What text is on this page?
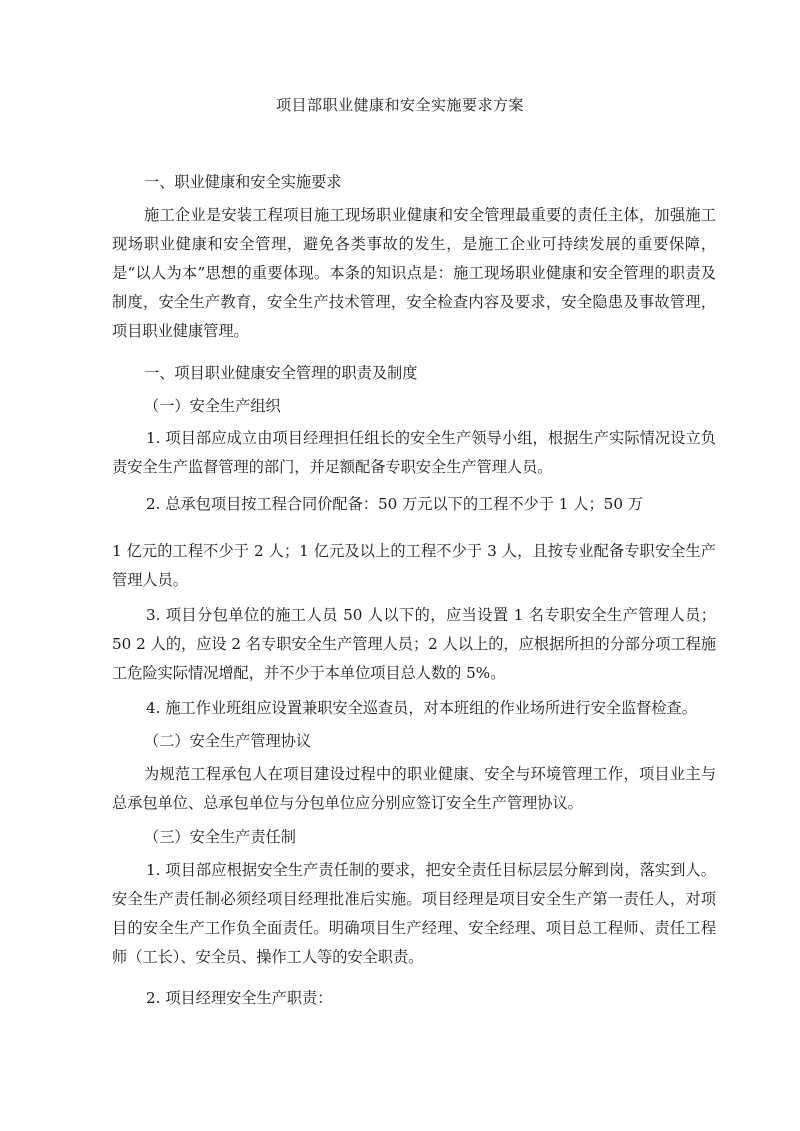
项目部职业健康和安全实施要求方案

一、职业健康和安全实施要求

施工企业是安装工程项目施工现场职业健康和安全管理最重要的责任主体，加强施工现场职业健康和安全管理，避免各类事故的发生，是施工企业可持续发展的重要保障，是“以人为本”思想的重要体现。本条的知识点是：施工现场职业健康和安全管理的职责及制度，安全生产教育，安全生产技术管理，安全检查内容及要求，安全隐患及事故管理，项目职业健康管理。

一、项目职业健康安全管理的职责及制度

（一）安全生产组织

1. 项目部应成立由项目经理担任组长的安全生产领导小组，根据生产实际情况设立负责安全生产监督管理的部门，并足额配备专职安全生产管理人员。

2. 总承包项目按工程合同价配备：50 万元以下的工程不少于 1 人；50 万

1 亿元的工程不少于 2 人；1 亿元及以上的工程不少于 3 人，且按专业配备专职安全生产管理人员。

3. 项目分包单位的施工人员 50 人以下的，应当设置 1 名专职安全生产管理人员；50 2 人的，应设 2 名专职安全生产管理人员；2 人以上的，应根据所担的分部分项工程施工危险实际情况增配，并不少于本单位项目总人数的 5%。

4. 施工作业班组应设置兼职安全巡查员，对本班组的作业场所进行安全监督检查。

（二）安全生产管理协议

为规范工程承包人在项目建设过程中的职业健康、安全与环境管理工作，项目业主与总承包单位、总承包单位与分包单位应分别应签订安全生产管理协议。

（三）安全生产责任制

1. 项目部应根据安全生产责任制的要求，把安全责任目标层层分解到岗，落实到人。安全生产责任制必须经项目经理批准后实施。项目经理是项目安全生产第一责任人，对项目的安全生产工作负全面责任。明确项目生产经理、安全经理、项目总工程师、责任工程师（工长）、安全员、操作工人等的安全职责。

2. 项目经理安全生产职责：
